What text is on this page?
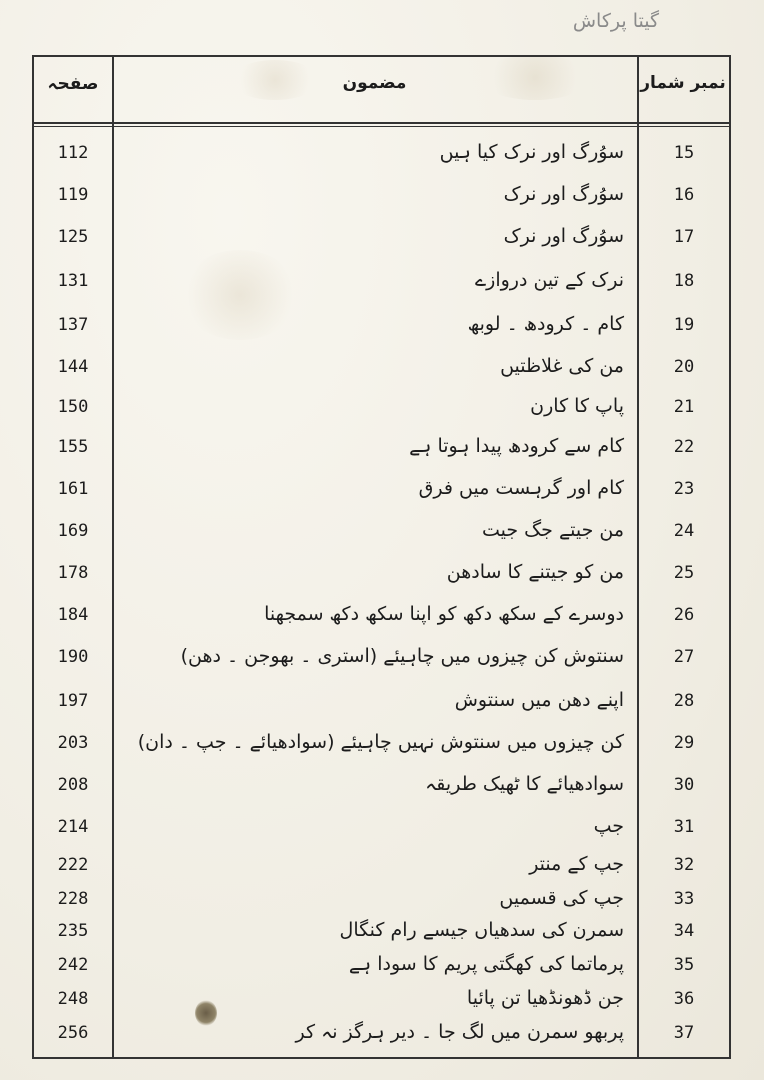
گیتا پرکاش
صفحہ	مضمون	نمبر شمار
112	سوُرگ اور نرک کیا ہیں	15
119	سوُرگ اور نرک	16
125	سوُرگ اور نرک	17
131	نرک کے تین دروازے	18
137	کام ۔ کرودھ ۔ لوبھ	19
144	من کی غلاظتیں	20
150	پاپ کا کارن	21
155	کام سے کرودھ پیدا ہوتا ہے	22
161	کام اور گرہست میں فرق	23
169	من جیتے جگ جیت	24
178	من کو جیتنے کا سادھن	25
184	دوسرے کے سکھ دکھ کو اپنا سکھ دکھ سمجھنا	26
190	سنتوش کن چیزوں میں چاہیئے (استری ۔ بھوجن ۔ دھن)	27
197	اپنے دھن میں سنتوش	28
203	کن چیزوں میں سنتوش نہیں چاہیئے (سوادھیائے ۔ جپ ۔ دان)	29
208	سوادھیائے کا ٹھیک طریقہ	30
214	جپ	31
222	جپ کے منتر	32
228	جپ کی قسمیں	33
235	سمرن کی سدھیاں جیسے رام کنگال	34
242	پرماتما کی کھگتی پریم کا سودا ہے	35
248	جن ڈھونڈھیا تن پائیا	36
256	پربھو سمرن میں لگ جا ۔ دیر ہرگز نہ کر	37
